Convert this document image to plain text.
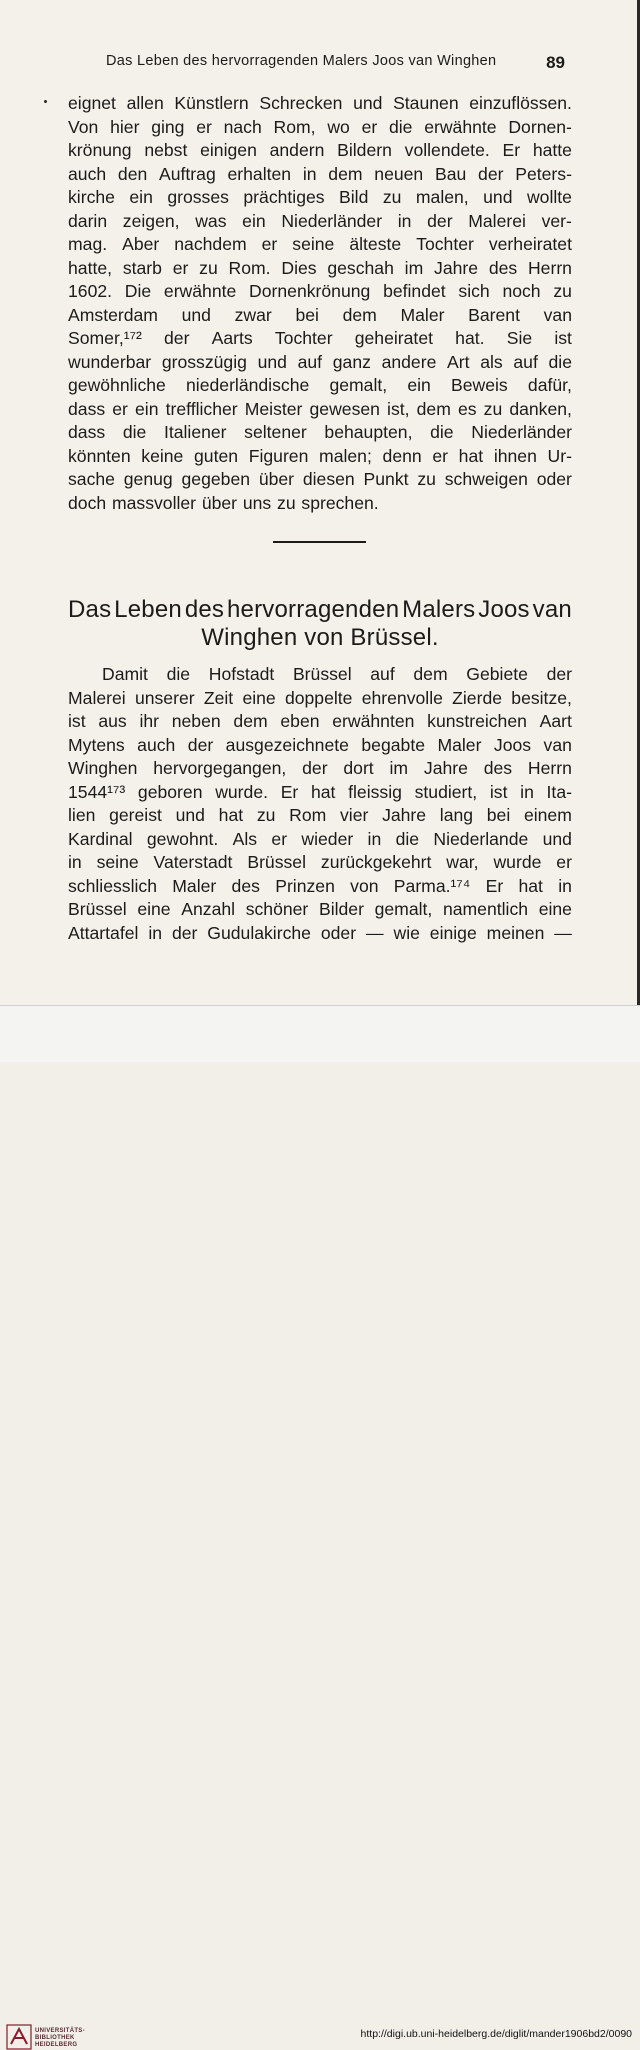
Das Leben des hervorragenden Malers Joos van Winghen	89
eignet allen Künstlern Schrecken und Staunen einzuflössen.
Von hier ging er nach Rom, wo er die erwähnte Dornen-
krönung nebst einigen andern Bildern vollendete. Er hatte
auch den Auftrag erhalten in dem neuen Bau der Peters-
kirche ein grosses prächtiges Bild zu malen, und wollte
darin zeigen, was ein Niederländer in der Malerei ver-
mag. Aber nachdem er seine älteste Tochter verheiratet
hatte, starb er zu Rom. Dies geschah im Jahre des Herrn
1602. Die erwähnte Dornenkrönung befindet sich noch zu
Amsterdam und zwar bei dem Maler Barent van
Somer,¹⁷² der Aarts Tochter geheiratet hat. Sie ist
wunderbar grosszügig und auf ganz andere Art als auf die
gewöhnliche niederländische gemalt, ein Beweis dafür,
dass er ein trefflicher Meister gewesen ist, dem es zu danken,
dass die Italiener seltener behaupten, die Niederländer
könnten keine guten Figuren malen; denn er hat ihnen Ur-
sache genug gegeben über diesen Punkt zu schweigen oder
doch massvoller über uns zu sprechen.
Das Leben des hervorragenden Malers Joos van
Winghen von Brüssel.
Damit die Hofstadt Brüssel auf dem Gebiete der
Malerei unserer Zeit eine doppelte ehrenvolle Zierde besitze,
ist aus ihr neben dem eben erwähnten kunstreichen Aart
Mytens auch der ausgezeichnete begabte Maler Joos van
Winghen hervorgegangen, der dort im Jahre des Herrn
1544¹⁷³ geboren wurde. Er hat fleissig studiert, ist in Ita-
lien gereist und hat zu Rom vier Jahre lang bei einem
Kardinal gewohnt. Als er wieder in die Niederlande und
in seine Vaterstadt Brüssel zurückgekehrt war, wurde er
schliesslich Maler des Prinzen von Parma.¹⁷⁴ Er hat in
Brüssel eine Anzahl schöner Bilder gemalt, namentlich eine
Attartafel in der Gudulakirche oder — wie einige meinen —
UNIVERSITÄTS-
BIBLIOTHEK
HEIDELBERG
http://digi.ub.uni-heidelberg.de/diglit/mander1906bd2/0090
